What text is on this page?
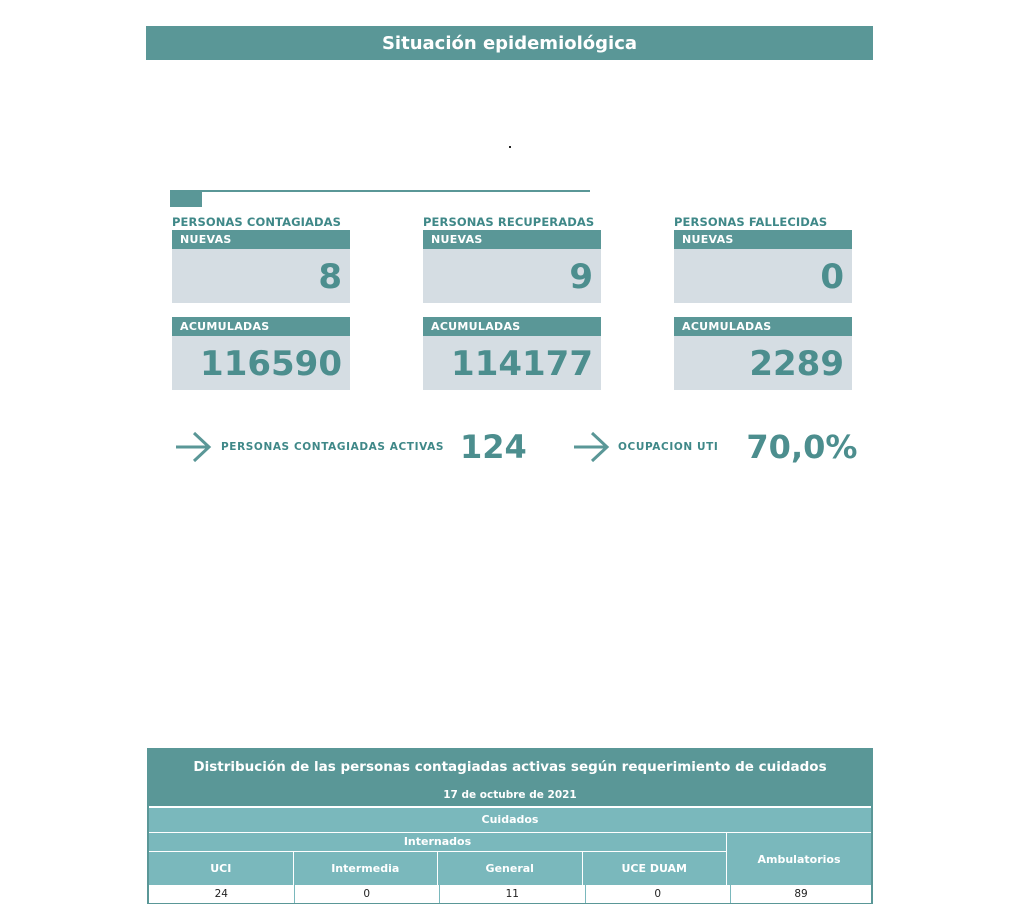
Situación epidemiológica
PERSONAS CONTAGIADAS
NUEVAS
8
ACUMULADAS
116590
PERSONAS RECUPERADAS
NUEVAS
9
ACUMULADAS
114177
PERSONAS FALLECIDAS
NUEVAS
0
ACUMULADAS
2289
PERSONAS CONTAGIADAS ACTIVAS 124	OCUPACION UTI 70,0%
Distribución de las personas contagiadas activas según requerimiento de cuidados
17 de octubre de 2021
Cuidados
Internados
UCI	Intermedia	General	UCE DUAM
Ambulatorios
24	0	11	0	89
